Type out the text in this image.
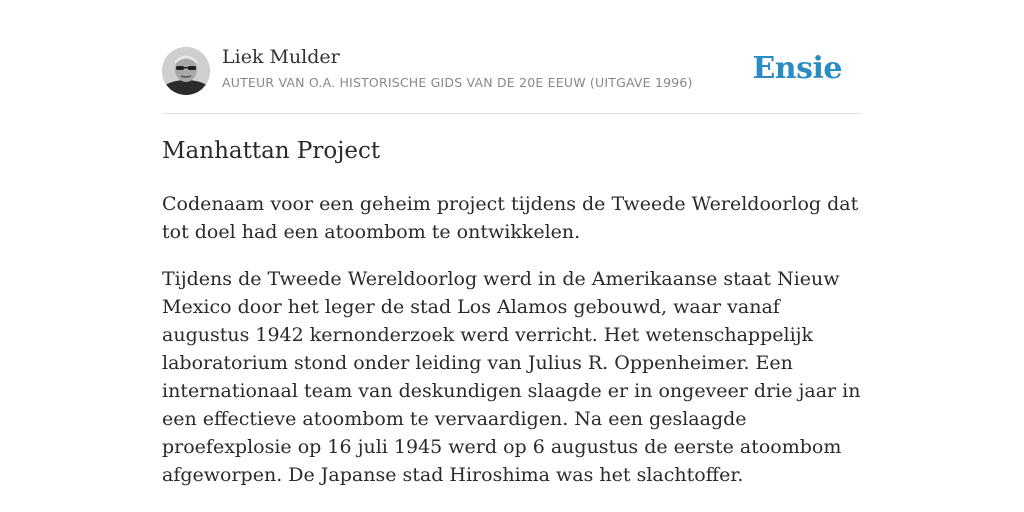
Liek Mulder
AUTEUR VAN O.A. HISTORISCHE GIDS VAN DE 20E EEUW (UITGAVE 1996) Ensie
Manhattan Project

Codenaam voor een geheim project tijdens de Tweede Wereldoorlog dat tot doel had een atoombom te ontwikkelen.

Tijdens de Tweede Wereldoorlog werd in de Amerikaanse staat Nieuw Mexico door het leger de stad Los Alamos gebouwd, waar vanaf augustus 1942 kernonderzoek werd verricht. Het wetenschappelijk laboratorium stond onder leiding van Julius R. Oppenheimer. Een internationaal team van deskundigen slaagde er in ongeveer drie jaar in een effectieve atoombom te vervaardigen. Na een geslaagde proefexplosie op 16 juli 1945 werd op 6 augustus de eerste atoombom afgeworpen. De Japanse stad Hiroshima was het slachtoffer.
